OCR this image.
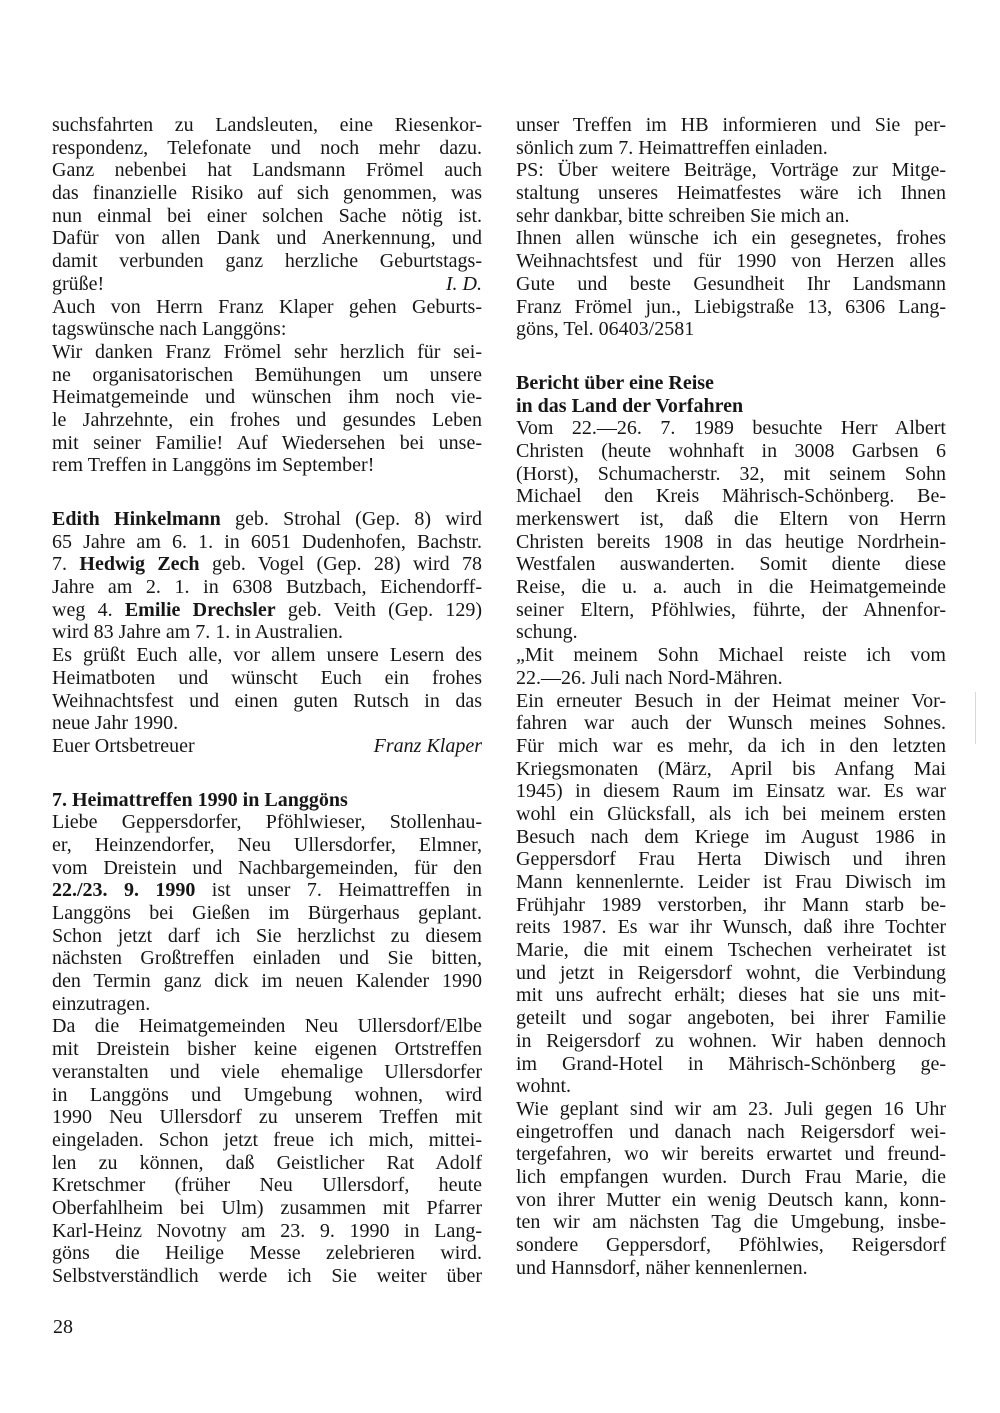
suchsfahrten zu Landsleuten, eine Riesenkor-
respondenz, Telefonate und noch mehr dazu.
Ganz nebenbei hat Landsmann Frömel auch
das finanzielle Risiko auf sich genommen, was
nun einmal bei einer solchen Sache nötig ist.
Dafür von allen Dank und Anerkennung, und
damit verbunden ganz herzliche Geburtstags-
grüße!	I. D.
Auch von Herrn Franz Klaper gehen Geburts-
tagswünsche nach Langgöns:
Wir danken Franz Frömel sehr herzlich für sei-
ne organisatorischen Bemühungen um unsere
Heimatgemeinde und wünschen ihm noch vie-
le Jahrzehnte, ein frohes und gesundes Leben
mit seiner Familie! Auf Wiedersehen bei unse-
rem Treffen in Langgöns im September!
Edith Hinkelmann geb. Strohal (Gep. 8) wird
65 Jahre am 6. 1. in 6051 Dudenhofen, Bachstr.
7. Hedwig Zech geb. Vogel (Gep. 28) wird 78
Jahre am 2. 1. in 6308 Butzbach, Eichendorff-
weg 4. Emilie Drechsler geb. Veith (Gep. 129)
wird 83 Jahre am 7. 1. in Australien.
Es grüßt Euch alle, vor allem unsere Lesern des
Heimatboten und wünscht Euch ein frohes
Weihnachtsfest und einen guten Rutsch in das
neue Jahr 1990.
Euer Ortsbetreuer	Franz Klaper
7. Heimattreffen 1990 in Langgöns
Liebe Geppersdorfer, Pföhlwieser, Stollenhau-
er, Heinzendorfer, Neu Ullersdorfer, Elmner,
vom Dreistein und Nachbargemeinden, für den
22./23. 9. 1990 ist unser 7. Heimattreffen in
Langgöns bei Gießen im Bürgerhaus geplant.
Schon jetzt darf ich Sie herzlichst zu diesem
nächsten Großtreffen einladen und Sie bitten,
den Termin ganz dick im neuen Kalender 1990
einzutragen.
Da die Heimatgemeinden Neu Ullersdorf/Elbe
mit Dreistein bisher keine eigenen Ortstreffen
veranstalten und viele ehemalige Ullersdorfer
in Langgöns und Umgebung wohnen, wird
1990 Neu Ullersdorf zu unserem Treffen mit
eingeladen. Schon jetzt freue ich mich, mittei-
len zu können, daß Geistlicher Rat Adolf
Kretschmer (früher Neu Ullersdorf, heute
Oberfahlheim bei Ulm) zusammen mit Pfarrer
Karl-Heinz Novotny am 23. 9. 1990 in Lang-
göns die Heilige Messe zelebrieren wird.
Selbstverständlich werde ich Sie weiter über
unser Treffen im HB informieren und Sie per-
sönlich zum 7. Heimattreffen einladen.
PS: Über weitere Beiträge, Vorträge zur Mitge-
staltung unseres Heimatfestes wäre ich Ihnen
sehr dankbar, bitte schreiben Sie mich an.
Ihnen allen wünsche ich ein gesegnetes, frohes
Weihnachtsfest und für 1990 von Herzen alles
Gute und beste Gesundheit Ihr Landsmann
Franz Frömel jun., Liebigstraße 13, 6306 Lang-
göns, Tel. 06403/2581
Bericht über eine Reise
in das Land der Vorfahren
Vom 22.—26. 7. 1989 besuchte Herr Albert
Christen (heute wohnhaft in 3008 Garbsen 6
(Horst), Schumacherstr. 32, mit seinem Sohn
Michael den Kreis Mährisch-Schönberg. Be-
merkenswert ist, daß die Eltern von Herrn
Christen bereits 1908 in das heutige Nordrhein-
Westfalen auswanderten. Somit diente diese
Reise, die u. a. auch in die Heimatgemeinde
seiner Eltern, Pföhlwies, führte, der Ahnenfor-
schung.
„Mit meinem Sohn Michael reiste ich vom
22.—26. Juli nach Nord-Mähren.
Ein erneuter Besuch in der Heimat meiner Vor-
fahren war auch der Wunsch meines Sohnes.
Für mich war es mehr, da ich in den letzten
Kriegsmonaten (März, April bis Anfang Mai
1945) in diesem Raum im Einsatz war. Es war
wohl ein Glücksfall, als ich bei meinem ersten
Besuch nach dem Kriege im August 1986 in
Geppersdorf Frau Herta Diwisch und ihren
Mann kennenlernte. Leider ist Frau Diwisch im
Frühjahr 1989 verstorben, ihr Mann starb be-
reits 1987. Es war ihr Wunsch, daß ihre Tochter
Marie, die mit einem Tschechen verheiratet ist
und jetzt in Reigersdorf wohnt, die Verbindung
mit uns aufrecht erhält; dieses hat sie uns mit-
geteilt und sogar angeboten, bei ihrer Familie
in Reigersdorf zu wohnen. Wir haben dennoch
im Grand-Hotel in Mährisch-Schönberg ge-
wohnt.
Wie geplant sind wir am 23. Juli gegen 16 Uhr
eingetroffen und danach nach Reigersdorf wei-
tergefahren, wo wir bereits erwartet und freund-
lich empfangen wurden. Durch Frau Marie, die
von ihrer Mutter ein wenig Deutsch kann, konn-
ten wir am nächsten Tag die Umgebung, insbe-
sondere Geppersdorf, Pföhlwies, Reigersdorf
und Hannsdorf, näher kennenlernen.
28
